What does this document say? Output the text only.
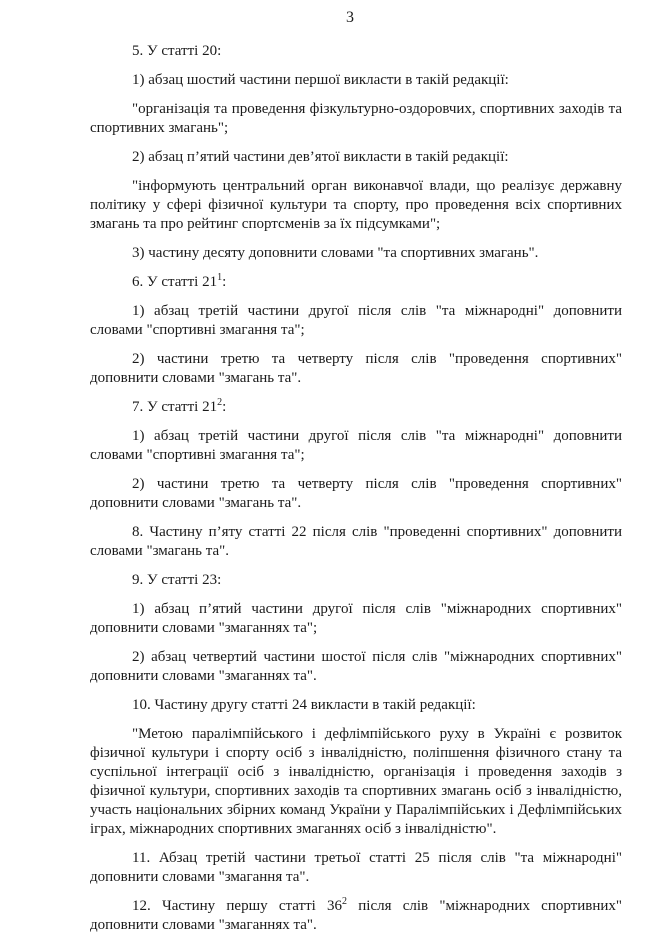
3

5. У статті 20:

1) абзац шостий частини першої викласти в такій редакції:

"організація та проведення фізкультурно-оздоровчих, спортивних заходів та спортивних змагань";

2) абзац п’ятий частини дев’ятої викласти в такій редакції:

"інформують центральний орган виконавчої влади, що реалізує державну політику у сфері фізичної культури та спорту, про проведення всіх спортивних змагань та про рейтинг спортсменів за їх підсумками";

3) частину десяту доповнити словами "та спортивних змагань".

6. У статті $21^1$:

1) абзац третій частини другої після слів "та міжнародні" доповнити словами "спортивні змагання та";

2) частини третю та четверту після слів "проведення спортивних" доповнити словами "змагань та".

7. У статті $21^2$:

1) абзац третій частини другої після слів "та міжнародні" доповнити словами "спортивні змагання та";

2) частини третю та четверту після слів "проведення спортивних" доповнити словами "змагань та".

8. Частину п’яту статті 22 після слів "проведенні спортивних" доповнити словами "змагань та".

9. У статті 23:

1) абзац п’ятий частини другої після слів "міжнародних спортивних" доповнити словами "змаганнях та";

2) абзац четвертий частини шостої після слів "міжнародних спортивних" доповнити словами "змаганнях та".

10. Частину другу статті 24 викласти в такій редакції:

"Метою паралімпійського і дефлімпійського руху в Україні є розвиток фізичної культури і спорту осіб з інвалідністю, поліпшення фізичного стану та суспільної інтеграції осіб з інвалідністю, організація і проведення заходів з фізичної культури, спортивних заходів та спортивних змагань осіб з інвалідністю, участь національних збірних команд України у Паралімпійських і Дефлімпійських іграх, міжнародних спортивних змаганнях осіб з інвалідністю".

11. Абзац третій частини третьої статті 25 після слів "та міжнародні" доповнити словами "змагання та".

12. Частину першу статті $36^2$ після слів "міжнародних спортивних" доповнити словами "змаганнях та".
